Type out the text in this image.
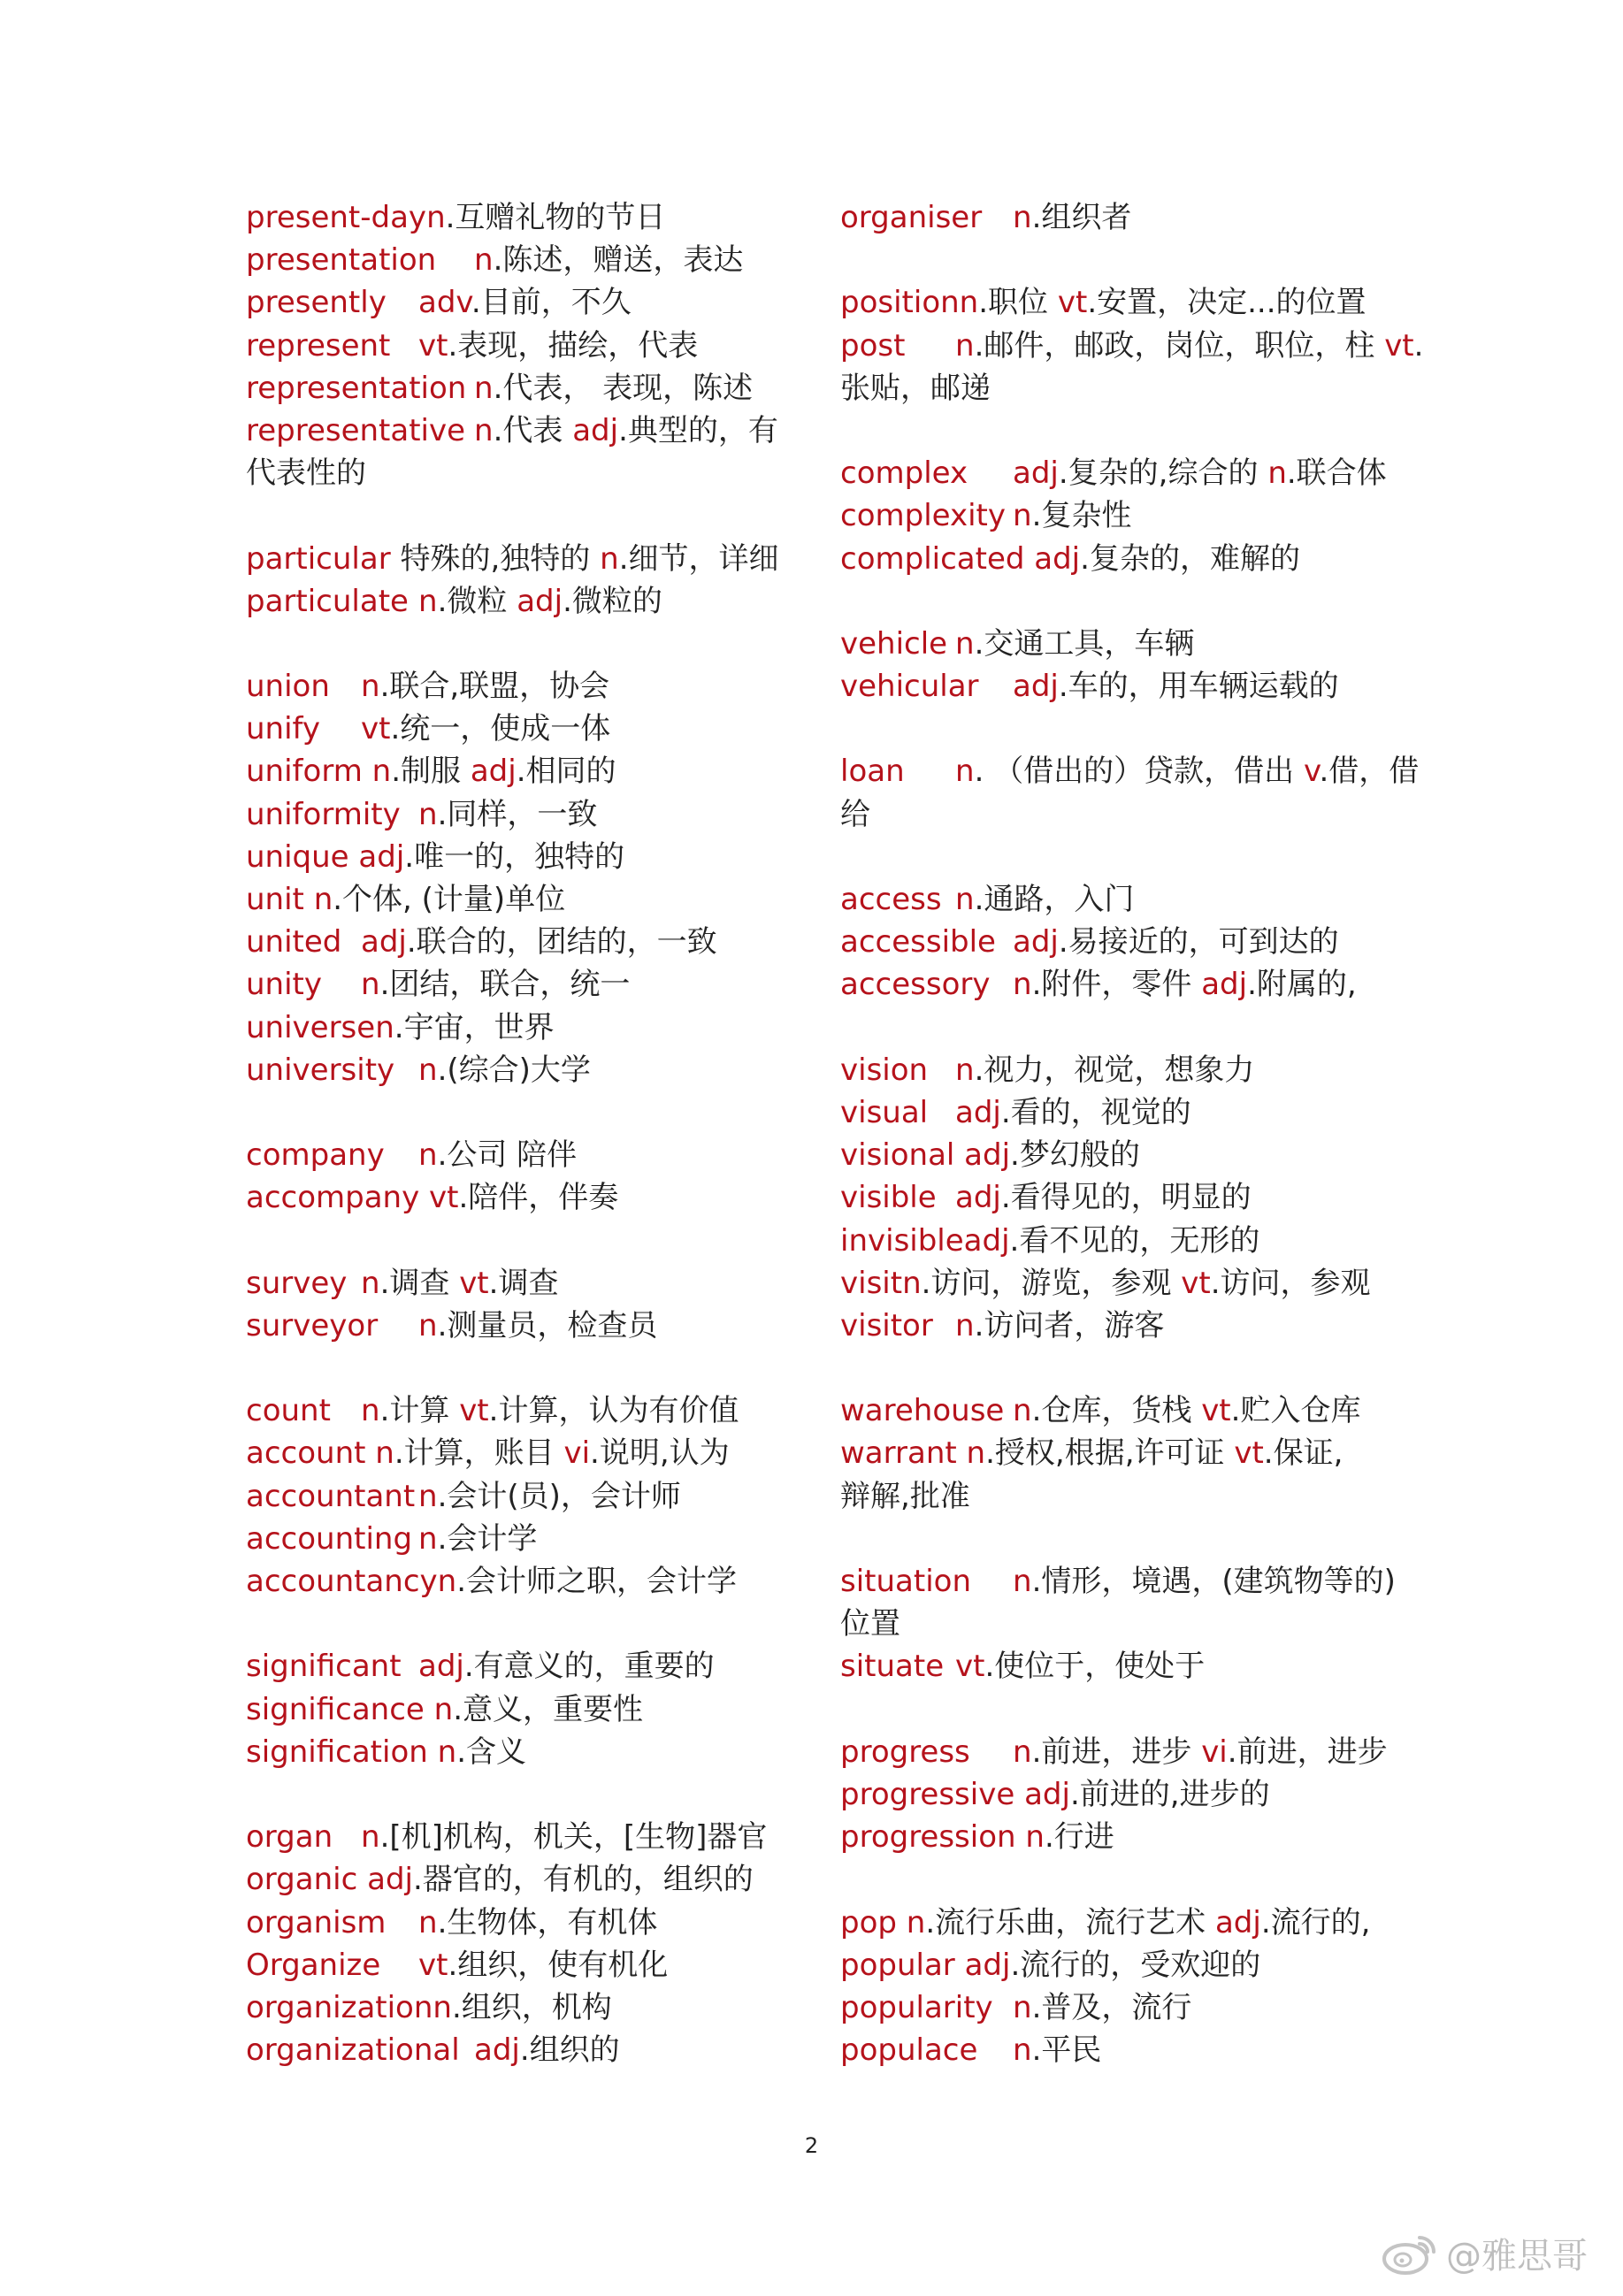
present-dayn.互赠礼物的节日
presentation n.陈述，赠送，表达
presently adv.目前，不久
represent vt.表现，描绘，代表
representation n.代表， 表现，陈述
representative n.代表 adj.典型的，有
代表性的
particular 特殊的,独特的 n.细节，详细
particulate n.微粒 adj.微粒的
union n.联合,联盟，协会
unify vt.统一，使成一体
uniform n.制服 adj.相同的
uniformity n.同样，一致
unique adj.唯一的，独特的
unit n.个体, (计量)单位
united adj.联合的，团结的，一致
unity n.团结，联合，统一
universen.宇宙，世界
university n.(综合)大学
company n.公司 陪伴
accompany vt.陪伴，伴奏
survey n.调查 vt.调查
surveyor n.测量员，检查员
count n.计算 vt.计算，认为有价值
account n.计算，账目 vi.说明,认为
accountant n.会计(员)，会计师
accounting n.会计学
accountancyn.会计师之职，会计学
significant adj.有意义的，重要的
significance n.意义，重要性
signification n.含义
organ n.[机]机构，机关，[生物]器官
organic adj.器官的，有机的，组织的
organism n.生物体，有机体
Organize vt.组织，使有机化
organizationn.组织，机构
organizational adj.组织的
organiser n.组织者
positionn.职位 vt.安置，决定...的位置
post n.邮件，邮政，岗位，职位，柱 vt.
张贴，邮递
complex adj.复杂的,综合的 n.联合体
complexity n.复杂性
complicated adj.复杂的，难解的
vehicle n.交通工具，车辆
vehicular adj.车的，用车辆运载的
loan n. （借出的）贷款，借出 v.借，借
给
access n.通路，入门
accessible adj.易接近的，可到达的
accessory n.附件，零件 adj.附属的,
vision n.视力，视觉，想象力
visual adj.看的，视觉的
visional adj.梦幻般的
visible adj.看得见的，明显的
invisibleadj.看不见的，无形的
visitn.访问，游览，参观 vt.访问，参观
visitor n.访问者，游客
warehouse n.仓库，货栈 vt.贮入仓库
warrant n.授权,根据,许可证 vt.保证,
辩解,批准
situation n.情形，境遇，(建筑物等的)
位置
situate vt.使位于，使处于
progress n.前进，进步 vi.前进，进步
progressive adj.前进的,进步的
progression n.行进
pop n.流行乐曲，流行艺术 adj.流行的,
popular adj.流行的，受欢迎的
popularity n.普及，流行
populace n.平民
2
@雅思哥
